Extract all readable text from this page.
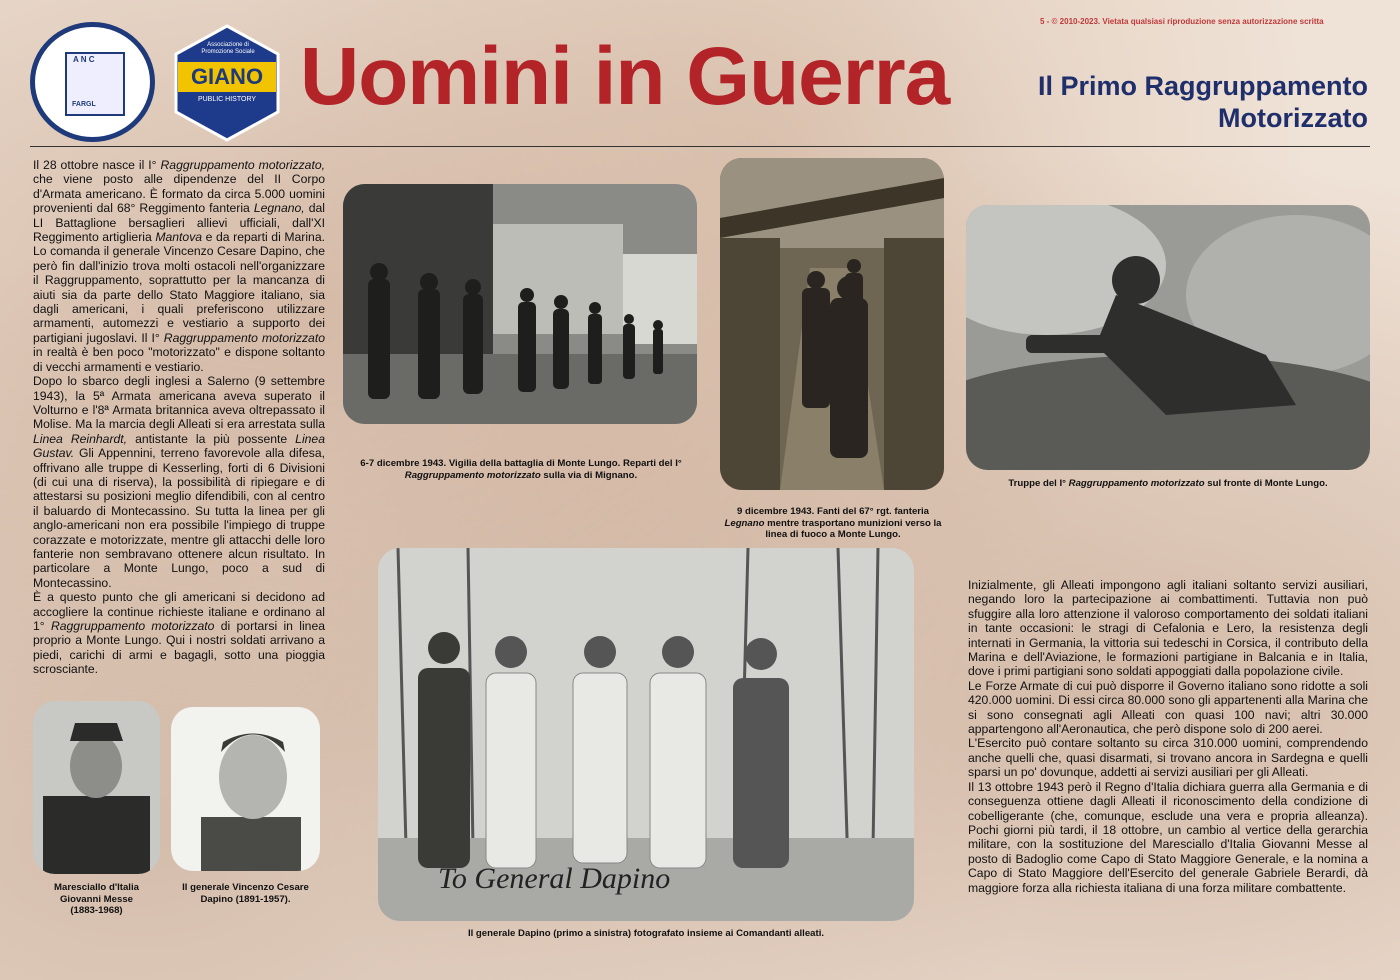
5 - © 2010-2023. Vietata qualsiasi riproduzione senza autorizzazione scritta
A N C
FARGL
Associazione di Promozione Sociale
GIANO
PUBLIC HISTORY Uomini in Guerra	Il Primo Raggruppamento
Motorizzato

Il 28 ottobre nasce il I° Raggruppamento motorizzato, che viene posto alle dipendenze del II Corpo d'Armata americano. È formato da circa 5.000 uomini provenienti dal 68° Reggimento fanteria Legnano, dal LI Battaglione bersaglieri allievi ufficiali, dall'XI Reggimento artiglieria Mantova e da reparti di Marina. Lo comanda il generale Vincenzo Cesare Dapino, che però fin dall'inizio trova molti ostacoli nell'organizzare il Raggruppamento, soprattutto per la mancanza di aiuti sia da parte dello Stato Maggiore italiano, sia dagli americani, i quali preferiscono utilizzare armamenti, automezzi e vestiario a supporto dei partigiani jugoslavi. Il I° Raggruppamento motorizzato in realtà è ben poco "motorizzato" e dispone soltanto di vecchi armamenti e vestiario.

Dopo lo sbarco degli inglesi a Salerno (9 settembre 1943), la 5ª Armata americana aveva superato il Volturno e l'8ª Armata britannica aveva oltrepassato il Molise. Ma la marcia degli Alleati si era arrestata sulla Linea Reinhardt, antistante la più possente Linea Gustav. Gli Appennini, terreno favorevole alla difesa, offrivano alle truppe di Kesserling, forti di 6 Divisioni (di cui una di riserva), la possibilità di ripiegare e di attestarsi su posizioni meglio difendibili, con al centro il baluardo di Montecassino. Su tutta la linea per gli anglo-americani non era possibile l'impiego di truppe corazzate e motorizzate, mentre gli attacchi delle loro fanterie non sembravano ottenere alcun risultato. In particolare a Monte Lungo, poco a sud di Montecassino.

È a questo punto che gli americani si decidono ad accogliere la continue richieste italiane e ordinano al 1° Raggruppamento motorizzato di portarsi in linea proprio a Monte Lungo. Qui i nostri soldati arrivano a piedi, carichi di armi e bagagli, sotto una pioggia scrosciante.

6-7 dicembre 1943. Vigilia della battaglia di Monte Lungo. Reparti del I°
Raggruppamento motorizzato sulla via di Mignano.
9 dicembre 1943. Fanti del 67° rgt. fanteria
Legnano mentre trasportano munizioni verso la linea di fuoco a Monte Lungo.
Truppe del I° Raggruppamento motorizzato sul fronte di Monte Lungo.
To General Dapino
Il generale Dapino (primo a sinistra) fotografato insieme ai Comandanti alleati.
Maresciallo d'Italia
Giovanni Messe
(1883-1968)
Il generale Vincenzo Cesare
Dapino (1891-1957).

Inizialmente, gli Alleati impongono agli italiani soltanto servizi ausiliari, negando loro la partecipazione ai combattimenti. Tuttavia non può sfuggire alla loro attenzione il valoroso comportamento dei soldati italiani in tante occasioni: le stragi di Cefalonia e Lero, la resistenza degli internati in Germania, la vittoria sui tedeschi in Corsica, il contributo della Marina e dell'Aviazione, le formazioni partigiane in Balcania e in Italia, dove i primi partigiani sono soldati appoggiati dalla popolazione civile.

Le Forze Armate di cui può disporre il Governo italiano sono ridotte a soli 420.000 uomini. Di essi circa 80.000 sono gli appartenenti alla Marina che si sono consegnati agli Alleati con quasi 100 navi; altri 30.000 appartengono all'Aeronautica, che però dispone solo di 200 aerei.

L'Esercito può contare soltanto su circa 310.000 uomini, comprendendo anche quelli che, quasi disarmati, si trovano ancora in Sardegna e quelli sparsi un po' dovunque, addetti ai servizi ausiliari per gli Alleati.

Il 13 ottobre 1943 però il Regno d'Italia dichiara guerra alla Germania e di conseguenza ottiene dagli Alleati il riconoscimento della condizione di cobelligerante (che, comunque, esclude una vera e propria alleanza). Pochi giorni più tardi, il 18 ottobre, un cambio al vertice della gerarchia militare, con la sostituzione del Maresciallo d'Italia Giovanni Messe al posto di Badoglio come Capo di Stato Maggiore Generale, e la nomina a Capo di Stato Maggiore dell'Esercito del generale Gabriele Berardi, dà maggiore forza alla richiesta italiana di una forza militare combattente.
